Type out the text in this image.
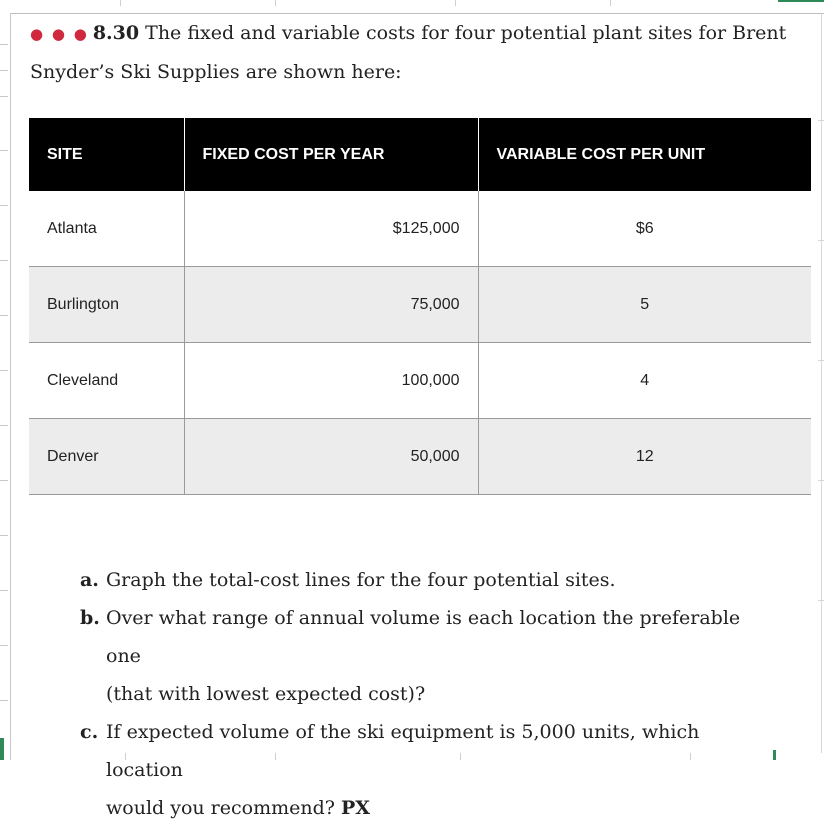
● ● ● 8.30 The fixed and variable costs for four potential plant sites for Brent
Snyder’s Ski Supplies are shown here:
SITE	FIXED COST PER YEAR	VARIABLE COST PER UNIT
Atlanta	$125,000	$6
Burlington	75,000	5
Cleveland	100,000	4
Denver	50,000	12
a. Graph the total-cost lines for the four potential sites.
b. Over what range of annual volume is each location the preferable one
(that with lowest expected cost)?
c. If expected volume of the ski equipment is 5,000 units, which location
would you recommend? PX
